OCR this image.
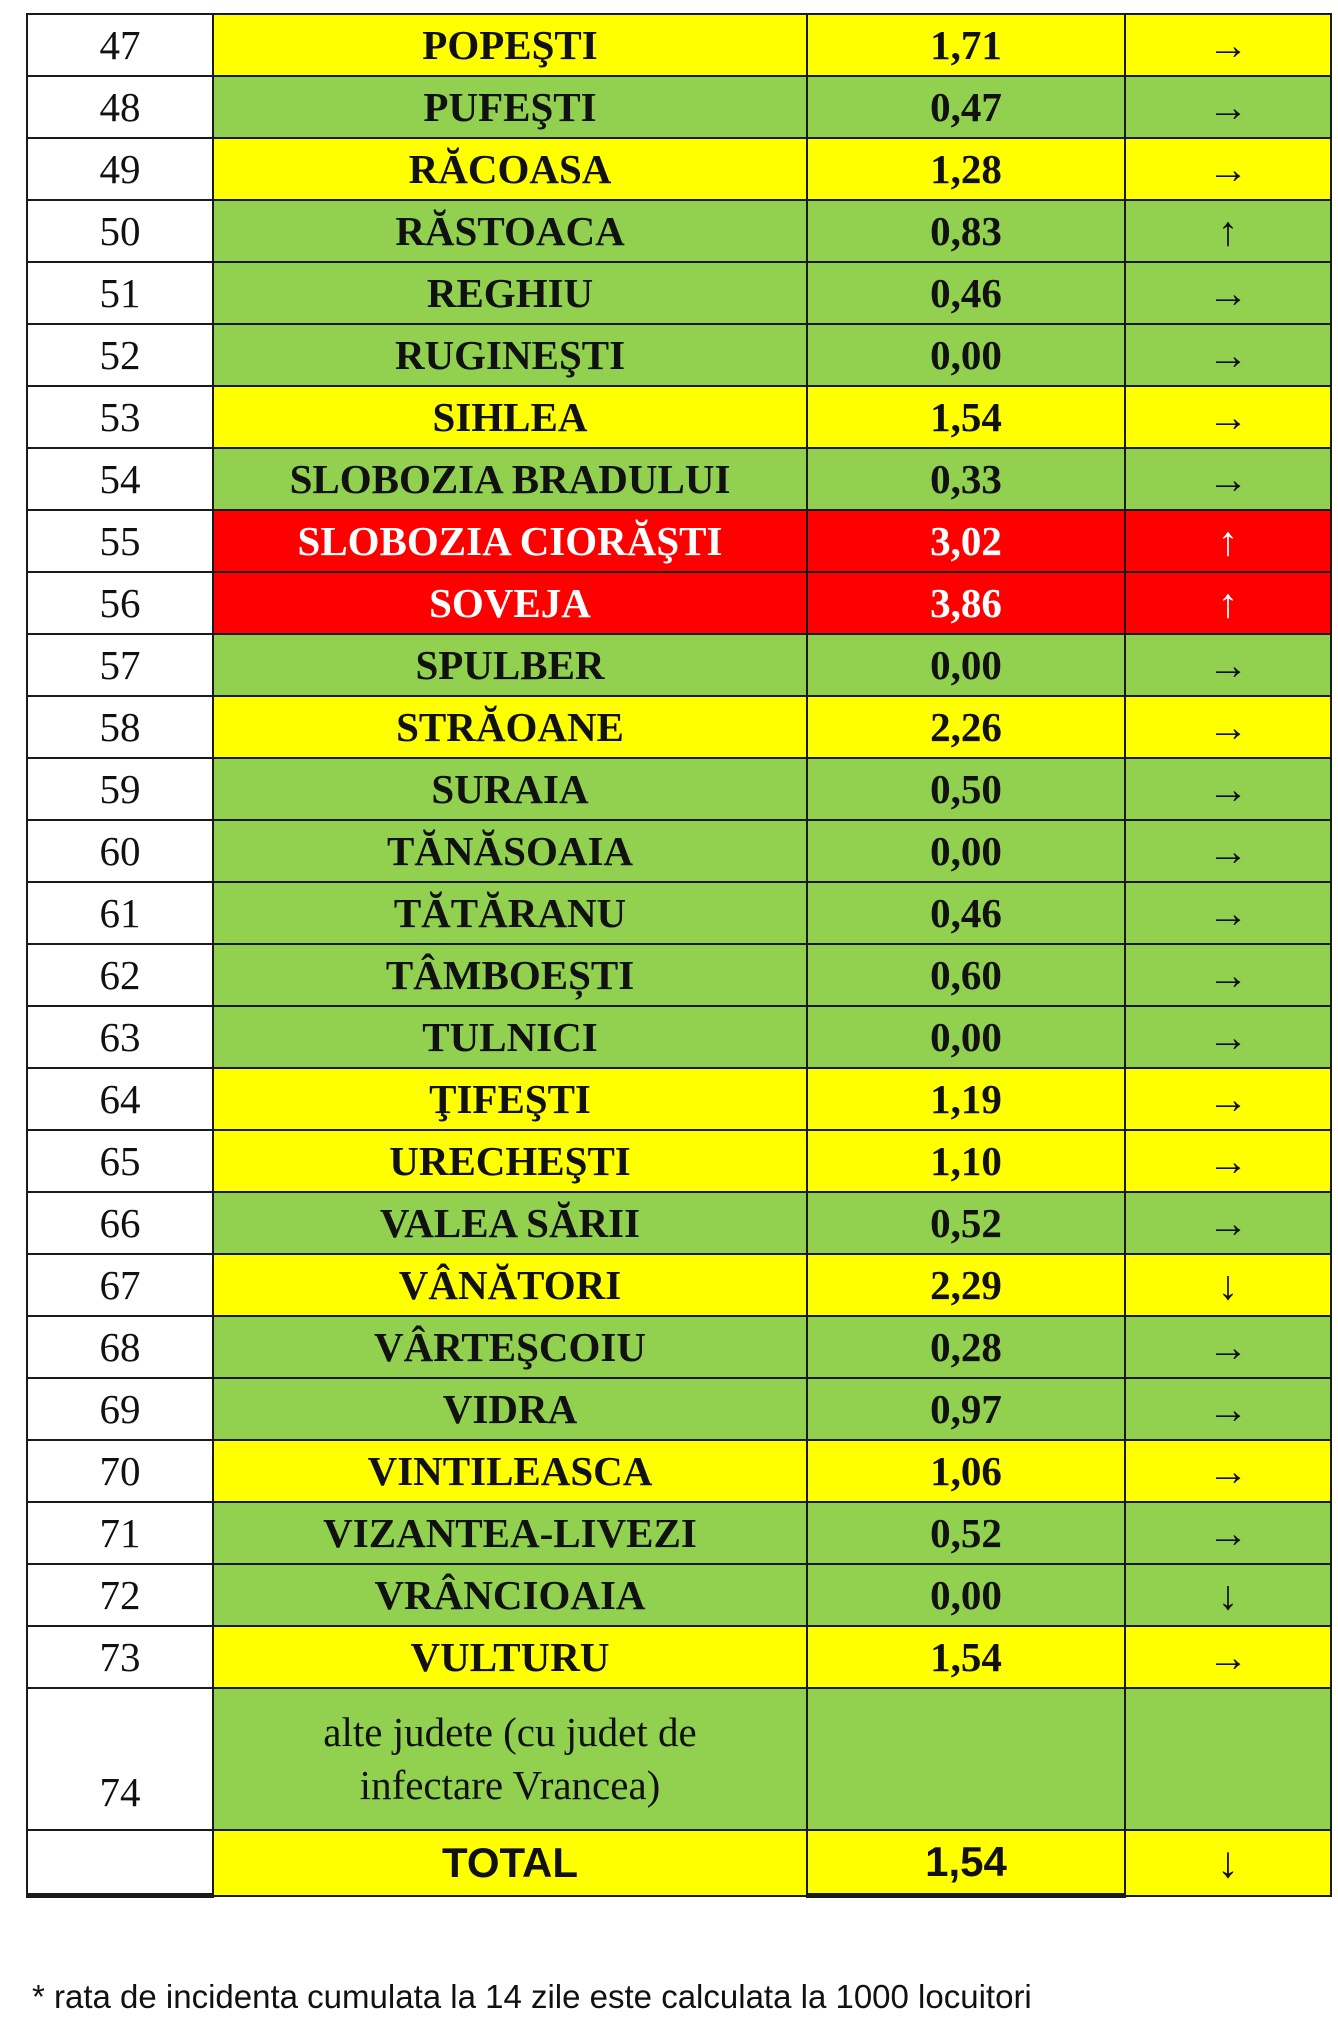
47	POPEŞTI	1,71	→
48	PUFEŞTI	0,47	→
49	RĂCOASA	1,28	→
50	RĂSTOACA	0,83	↑
51	REGHIU	0,46	→
52	RUGINEŞTI	0,00	→
53	SIHLEA	1,54	→
54	SLOBOZIA BRADULUI	0,33	→
55	SLOBOZIA CIORĂŞTI	3,02	↑
56	SOVEJA	3,86	↑
57	SPULBER	0,00	→
58	STRĂOANE	2,26	→
59	SURAIA	0,50	→
60	TĂNĂSOAIA	0,00	→
61	TĂTĂRANU	0,46	→
62	TÂMBOEȘTI	0,60	→
63	TULNICI	0,00	→
64	ŢIFEŞTI	1,19	→
65	URECHEŞTI	1,10	→
66	VALEA SĂRII	0,52	→
67	VÂNĂTORI	2,29	↓
68	VÂRTEŞCOIU	0,28	→
69	VIDRA	0,97	→
70	VINTILEASCA	1,06	→
71	VIZANTEA-LIVEZI	0,52	→
72	VRÂNCIOAIA	0,00	↓
73	VULTURU	1,54	→
74	alte judete (cu judet de
infectare Vrancea)		

	TOTAL	1,54	↓
* rata de incidenta cumulata la 14 zile este calculata la 1000 locuitori
